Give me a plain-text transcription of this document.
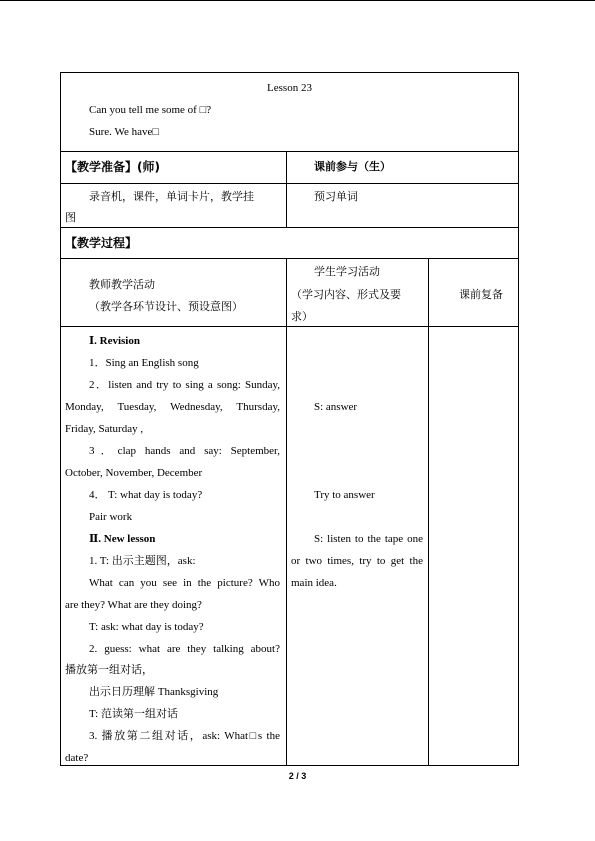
Lesson 23
Can you tell me some of □?
Sure. We have□
【教学准备】(师)	课前参与（生）
录音机，课件，单词卡片，教学挂
图
预习单词
【教学过程】
教师教学活动
（教学各环节设计、预设意图）
学生学习活动
（学习内容、形式及要
求）
课前复备
Ⅰ. Revision
1．Sing an English song
2．listen and try to sing a song: Sunday,
Monday, Tuesday, Wednesday, Thursday,
Friday, Saturday ,
3．clap hands and say: September,
October, November, December
4． T: what day is today?
Pair work
Ⅱ. New lesson
1. T: 出示主题图，ask:
What can you see in the picture? Who
are they? What are they doing?
T: ask: what day is today?
2. guess: what are they talking about?
播放第一组对话，
出示日历理解 Thanksgiving
T: 范读第一组对话
3. 播放第二组对话，ask: What□s the
date?
S: answer
Try to answer
S: listen to the tape one
or two times, try to get the
main idea.
2 / 3
